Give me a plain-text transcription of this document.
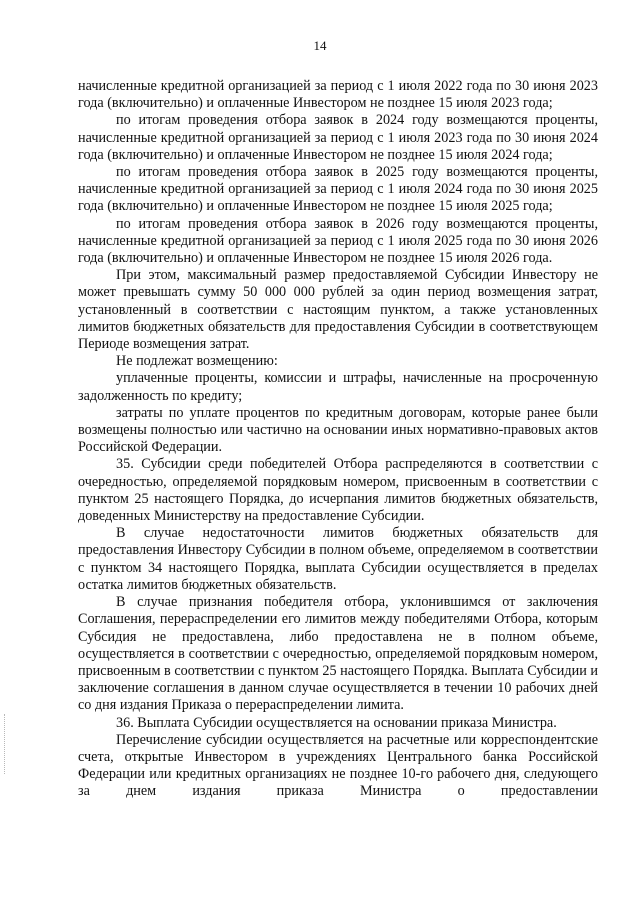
14

начисленные кредитной организацией за период с 1 июля 2022 года по 30 июня 2023 года (включительно) и оплаченные Инвестором не позднее 15 июля 2023 года;

по итогам проведения отбора заявок в 2024 году возмещаются проценты, начисленные кредитной организацией за период с 1 июля 2023 года по 30 июня 2024 года (включительно) и оплаченные Инвестором не позднее 15 июля 2024 года;

по итогам проведения отбора заявок в 2025 году возмещаются проценты, начисленные кредитной организацией за период с 1 июля 2024 года по 30 июня 2025 года (включительно) и оплаченные Инвестором не позднее 15 июля 2025 года;

по итогам проведения отбора заявок в 2026 году возмещаются проценты, начисленные кредитной организацией за период с 1 июля 2025 года по 30 июня 2026 года (включительно) и оплаченные Инвестором не позднее 15 июля 2026 года.

При этом, максимальный размер предоставляемой Субсидии Инвестору не может превышать сумму 50 000 000 рублей за один период возмещения затрат, установленный в соответствии с настоящим пунктом, а также установленных лимитов бюджетных обязательств для предоставления Субсидии в соответствующем Периоде возмещения затрат.

Не подлежат возмещению:

уплаченные проценты, комиссии и штрафы, начисленные на просроченную задолженность по кредиту;

затраты по уплате процентов по кредитным договорам, которые ранее были возмещены полностью или частично на основании иных нормативно-правовых актов Российской Федерации.

35. Субсидии среди победителей Отбора распределяются в соответствии с очередностью, определяемой порядковым номером, присвоенным в соответствии с пунктом 25 настоящего Порядка, до исчерпания лимитов бюджетных обязательств, доведенных Министерству на предоставление Субсидии.

В случае недостаточности лимитов бюджетных обязательств для предоставления Инвестору Субсидии в полном объеме, определяемом в соответствии с пунктом 34 настоящего Порядка, выплата Субсидии осуществляется в пределах остатка лимитов бюджетных обязательств.

В случае признания победителя отбора, уклонившимся от заключения Соглашения, перераспределении его лимитов между победителями Отбора, которым Субсидия не предоставлена, либо предоставлена не в полном объеме, осуществляется в соответствии с очередностью, определяемой порядковым номером, присвоенным в соответствии с пунктом 25 настоящего Порядка. Выплата Субсидии и заключение соглашения в данном случае осуществляется в течении 10 рабочих дней со дня издания Приказа о перераспределении лимита.

36. Выплата Субсидии осуществляется на основании приказа Министра.

Перечисление субсидии осуществляется на расчетные или корреспондентские счета, открытые Инвестором в учреждениях Центрального банка Российской Федерации или кредитных организациях не позднее 10-го рабочего дня, следующего за днем издания приказа Министра о предоставлении
